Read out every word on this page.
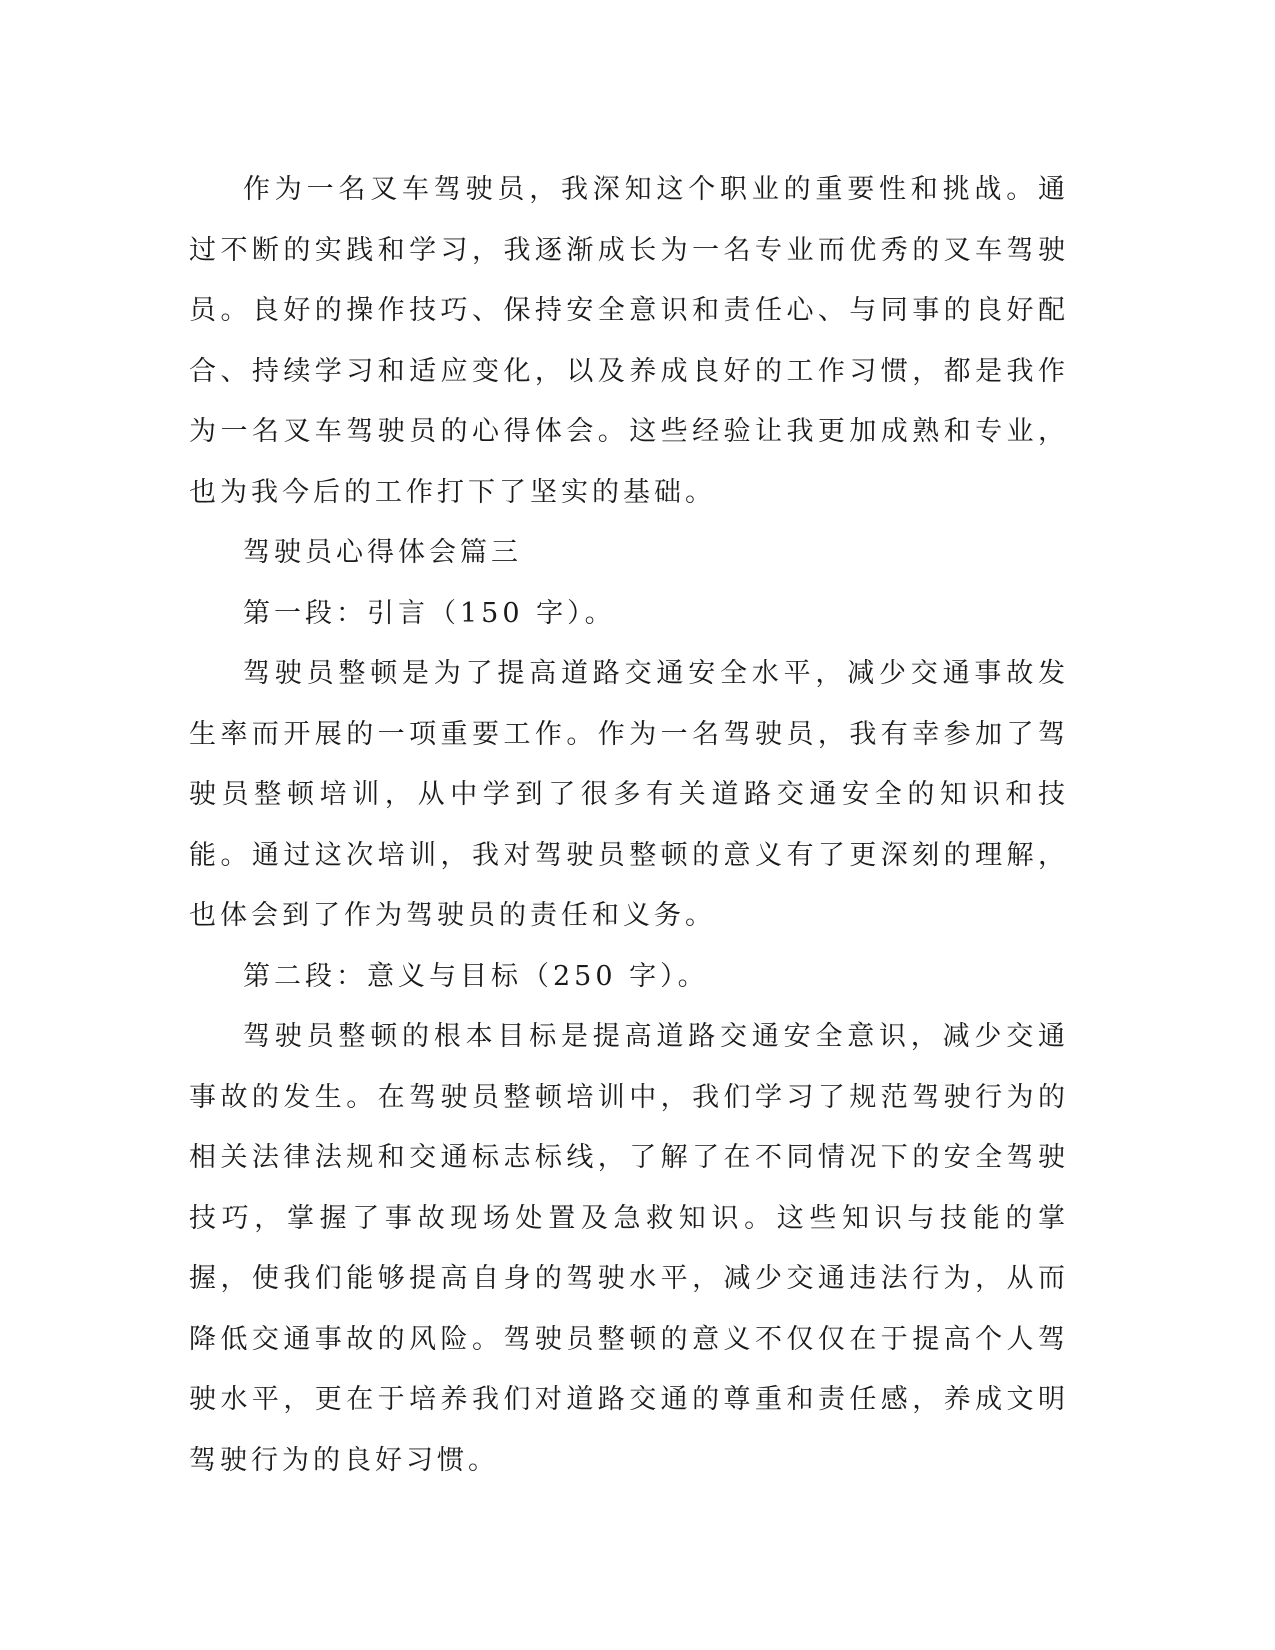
作为一名叉车驾驶员，我深知这个职业的重要性和挑战。通过不断的实践和学习，我逐渐成长为一名专业而优秀的叉车驾驶员。良好的操作技巧、保持安全意识和责任心、与同事的良好配合、持续学习和适应变化，以及养成良好的工作习惯，都是我作为一名叉车驾驶员的心得体会。这些经验让我更加成熟和专业，也为我今后的工作打下了坚实的基础。

驾驶员心得体会篇三

第一段：引言（150 字）。

驾驶员整顿是为了提高道路交通安全水平，减少交通事故发生率而开展的一项重要工作。作为一名驾驶员，我有幸参加了驾驶员整顿培训，从中学到了很多有关道路交通安全的知识和技能。通过这次培训，我对驾驶员整顿的意义有了更深刻的理解，也体会到了作为驾驶员的责任和义务。

第二段：意义与目标（250 字）。

驾驶员整顿的根本目标是提高道路交通安全意识，减少交通事故的发生。在驾驶员整顿培训中，我们学习了规范驾驶行为的相关法律法规和交通标志标线，了解了在不同情况下的安全驾驶技巧，掌握了事故现场处置及急救知识。这些知识与技能的掌握，使我们能够提高自身的驾驶水平，减少交通违法行为，从而降低交通事故的风险。驾驶员整顿的意义不仅仅在于提高个人驾驶水平，更在于培养我们对道路交通的尊重和责任感，养成文明驾驶行为的良好习惯。
